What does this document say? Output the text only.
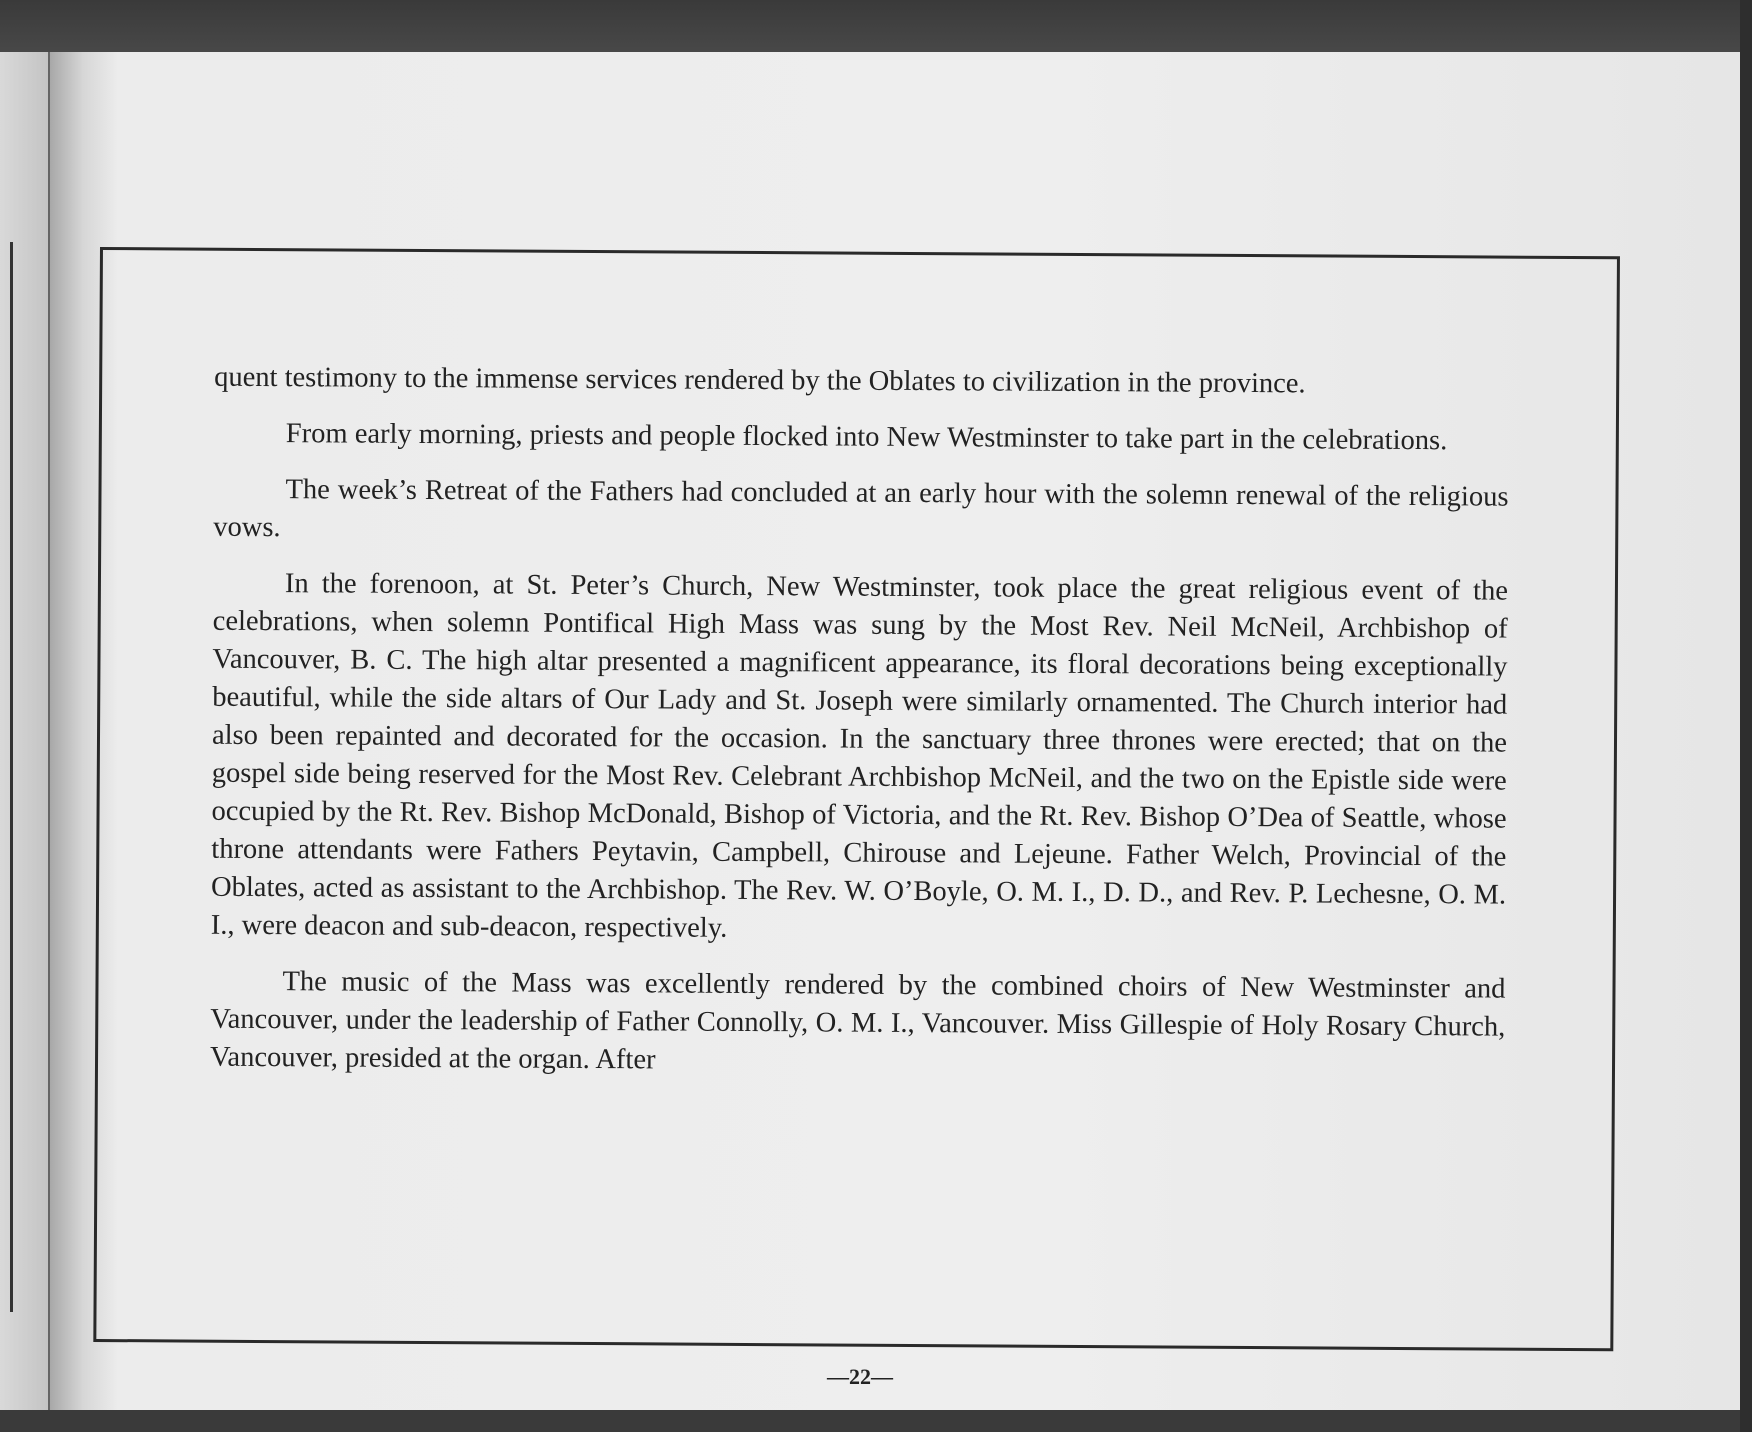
quent testimony to the immense services rendered by the Oblates to civilization in the province.

From early morning, priests and people flocked into New Westminster to take part in the celebrations.

The week’s Retreat of the Fathers had concluded at an early hour with the solemn renewal of the religious vows.

In the forenoon, at St. Peter’s Church, New Westminster, took place the great religious event of the celebrations, when solemn Pontifical High Mass was sung by the Most Rev. Neil McNeil, Archbishop of Vancouver, B. C. The high altar presented a magnificent appearance, its floral decorations being exceptionally beautiful, while the side altars of Our Lady and St. Joseph were similarly ornamented. The Church interior had also been repainted and decorated for the occasion. In the sanctuary three thrones were erected; that on the gospel side being reserved for the Most Rev. Celebrant Archbishop McNeil, and the two on the Epistle side were occupied by the Rt. Rev. Bishop McDonald, Bishop of Victoria, and the Rt. Rev. Bishop O’Dea of Seattle, whose throne attendants were Fathers Peytavin, Campbell, Chirouse and Lejeune. Father Welch, Provincial of the Oblates, acted as assistant to the Archbishop. The Rev. W. O’Boyle, O. M. I., D. D., and Rev. P. Lechesne, O. M. I., were deacon and sub-deacon, respectively.

The music of the Mass was excellently rendered by the combined choirs of New Westminster and Vancouver, under the leadership of Father Connolly, O. M. I., Vancouver. Miss Gillespie of Holy Rosary Church, Vancouver, presided at the organ. After

—22—
